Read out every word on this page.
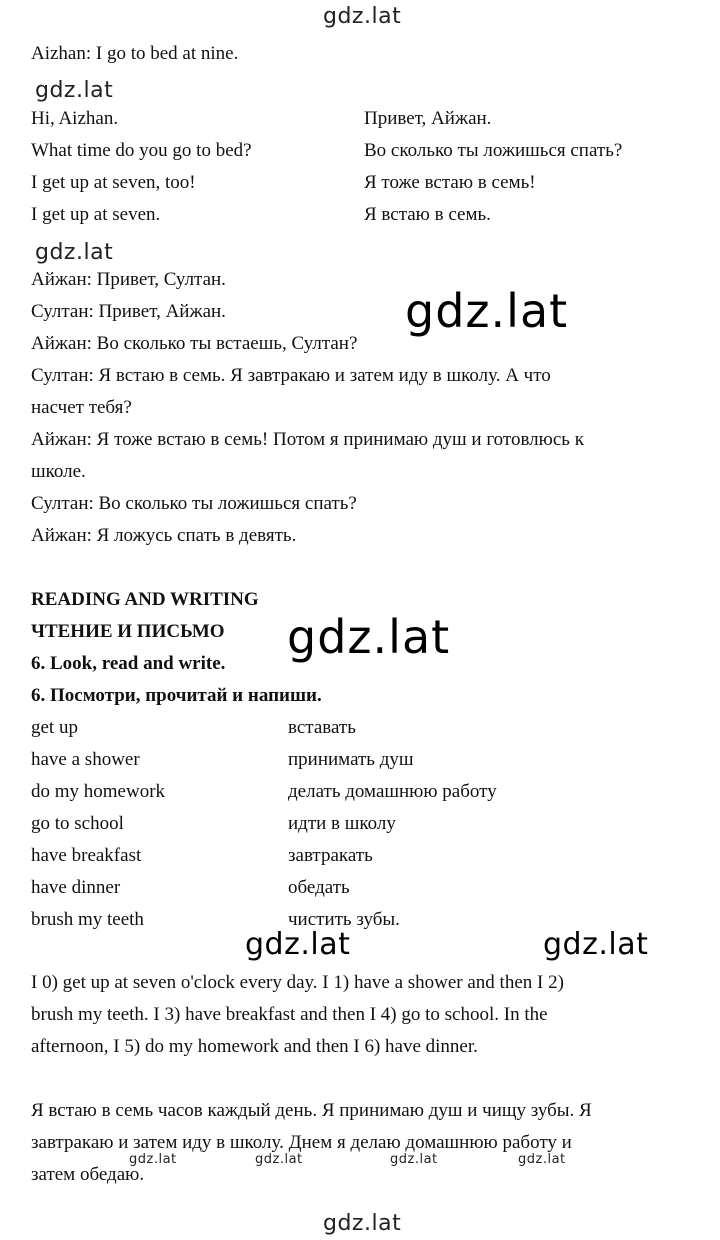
gdz.lat
Aizhan: I go to bed at nine.
gdz.lat
Hi, Aizhan.	Привет, Айжан.
What time do you go to bed?	Во сколько ты ложишься спать?
I get up at seven, too!	Я тоже встаю в семь!
I get up at seven.	Я встаю в семь.
gdz.lat
Айжан: Привет, Султан.
Султан: Привет, Айжан.
Айжан: Во сколько ты встаешь, Султан?
Султан: Я встаю в семь. Я завтракаю и затем иду в школу. А что
насчет тебя?
Айжан: Я тоже встаю в семь! Потом я принимаю душ и готовлюсь к
школе.
Султан: Во сколько ты ложишься спать?
Айжан: Я ложусь спать в девять.
gdz.lat
READING AND WRITING
ЧТЕНИЕ И ПИСЬМО
6. Look, read and write.
6. Посмотри, прочитай и напиши.
gdz.lat
get up	вставать
have a shower	принимать душ
do my homework	делать домашнюю работу
go to school	идти в школу
have breakfast	завтракать
have dinner	обедать
brush my teeth	чистить зубы.
gdz.lat	gdz.lat
I 0) get up at seven o'clock every day. I 1) have a shower and then I 2)
brush my teeth. I 3) have breakfast and then I 4) go to school. In the
afternoon, I 5) do my homework and then I 6) have dinner.
Я встаю в семь часов каждый день. Я принимаю душ и чищу зубы. Я
завтракаю и затем иду в школу. Днем я делаю домашнюю работу и
затем обедаю.
gdz.lat	gdz.lat	gdz.lat	gdz.lat
gdz.lat
